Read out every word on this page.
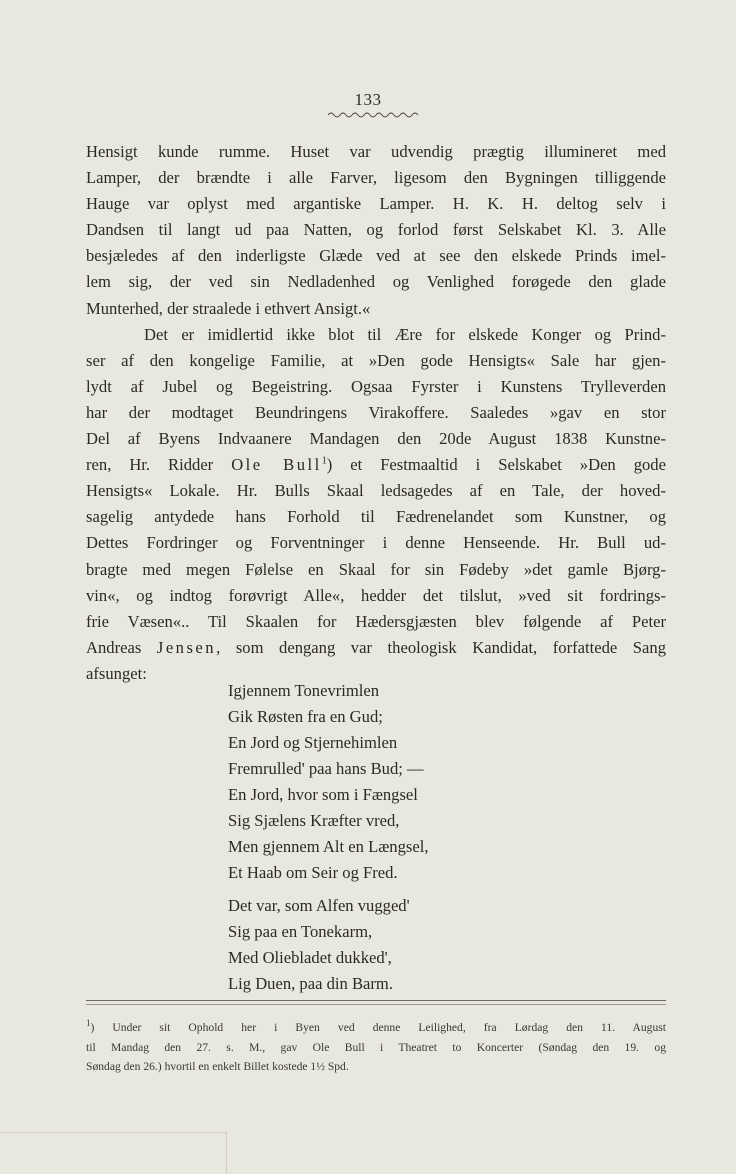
133
Hensigt kunde rumme. Huset var udvendig prægtig illumineret med
Lamper, der brændte i alle Farver, ligesom den Bygningen tilliggende
Hauge var oplyst med argantiske Lamper. H. K. H. deltog selv i
Dandsen til langt ud paa Natten, og forlod først Selskabet Kl. 3. Alle
besjæledes af den inderligste Glæde ved at see den elskede Prinds imel-
lem sig, der ved sin Nedladenhed og Venlighed forøgede den glade
Munterhed, der straalede i ethvert Ansigt.«
Det er imidlertid ikke blot til Ære for elskede Konger og Prind-
ser af den kongelige Familie, at »Den gode Hensigts« Sale har gjen-
lydt af Jubel og Begeistring. Ogsaa Fyrster i Kunstens Trylleverden
har der modtaget Beundringens Virakoffere. Saaledes »gav en stor
Del af Byens Indvaanere Mandagen den 20de August 1838 Kunstne-
ren, Hr. Ridder Ole Bull$^1$) et Festmaaltid i Selskabet »Den gode
Hensigts« Lokale. Hr. Bulls Skaal ledsagedes af en Tale, der hoved-
sagelig antydede hans Forhold til Fædrenelandet som Kunstner, og
Dettes Fordringer og Forventninger i denne Henseende. Hr. Bull ud-
bragte med megen Følelse en Skaal for sin Fødeby »det gamle Bjørg-
vin«, og indtog forøvrigt Alle«, hedder det tilslut, »ved sit fordrings-
frie Væsen«.. Til Skaalen for Hædersgjæsten blev følgende af Peter
Andreas Jensen, som dengang var theologisk Kandidat, forfattede Sang
afsunget:
Igjennem Tonevrimlen
Gik Røsten fra en Gud;
En Jord og Stjernehimlen
Fremrulled' paa hans Bud; —
En Jord, hvor som i Fængsel
Sig Sjælens Kræfter vred,
Men gjennem Alt en Længsel,
Et Haab om Seir og Fred.
Det var, som Alfen vugged'
Sig paa en Tonekarm,
Med Oliebladet dukked',
Lig Duen, paa din Barm.
$^1$) Under sit Ophold her i Byen ved denne Leilighed, fra Lørdag den 11. August
til Mandag den 27. s. M., gav Ole Bull i Theatret to Koncerter (Søndag den 19. og
Søndag den 26.) hvortil en enkelt Billet kostede 1½ Spd.
